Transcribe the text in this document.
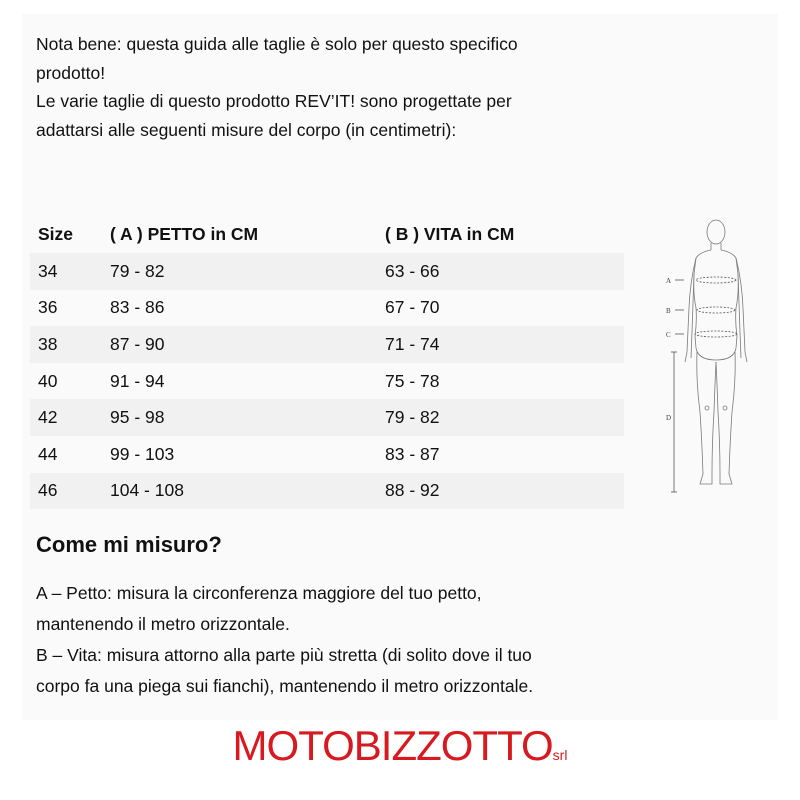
Nota bene: questa guida alle taglie è solo per questo specifico
prodotto!
Le varie taglie di questo prodotto REV’IT! sono progettate per
adattarsi alle seguenti misure del corpo (in centimetri):
Size	( A ) PETTO in CM	( B ) VITA in CM
34	79 - 82	63 - 66
36	83 - 86	67 - 70
38	87 - 90	71 - 74
40	91 - 94	75 - 78
42	95 - 98	79 - 82
44	99 - 103	83 - 87
46	104 - 108	88 - 92
A
B
C
D
Come mi misuro?
A – Petto: misura la circonferenza maggiore del tuo petto,
mantenendo il metro orizzontale.
B – Vita: misura attorno alla parte più stretta (di solito dove il tuo
corpo fa una piega sui fianchi), mantenendo il metro orizzontale.
MOTOBIZZOTTOsrl
